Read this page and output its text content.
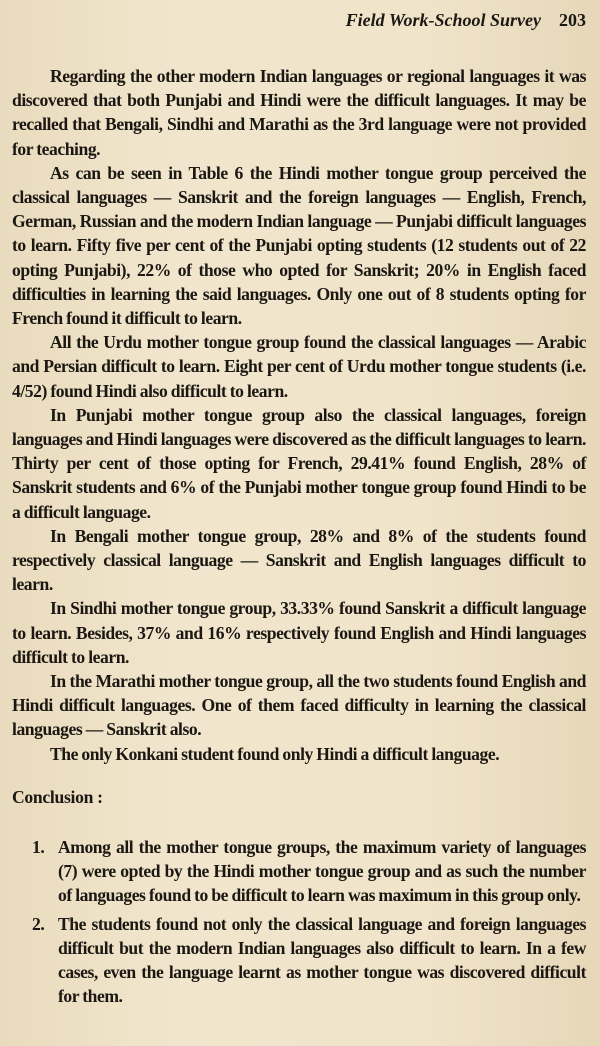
Field Work-School Survey 203

Regarding the other modern Indian languages or regional languages it was discovered that both Punjabi and Hindi were the difficult languages. It may be recalled that Bengali, Sindhi and Marathi as the 3rd language were not provided for teaching.

As can be seen in Table 6 the Hindi mother tongue group perceived the classical languages — Sanskrit and the foreign languages — English, French, German, Russian and the modern Indian language — Punjabi difficult languages to learn. Fifty five per cent of the Punjabi opting students (12 students out of 22 opting Punjabi), 22% of those who opted for Sanskrit; 20% in English faced difficulties in learning the said languages. Only one out of 8 students opting for French found it difficult to learn.

All the Urdu mother tongue group found the classical languages — Arabic and Persian difficult to learn. Eight per cent of Urdu mother tongue students (i.e. 4/52) found Hindi also difficult to learn.

In Punjabi mother tongue group also the classical languages, foreign languages and Hindi languages were discovered as the difficult languages to learn. Thirty per cent of those opting for French, 29.41% found English, 28% of Sanskrit students and 6% of the Punjabi mother tongue group found Hindi to be a difficult language.

In Bengali mother tongue group, 28% and 8% of the students found respectively classical language — Sanskrit and English languages difficult to learn.

In Sindhi mother tongue group, 33.33% found Sanskrit a difficult language to learn. Besides, 37% and 16% respectively found English and Hindi languages difficult to learn.

In the Marathi mother tongue group, all the two students found English and Hindi difficult languages. One of them faced difficulty in learning the classical languages — Sanskrit also.

The only Konkani student found only Hindi a difficult language.

Conclusion :
1. Among all the mother tongue groups, the maximum variety of languages (7) were opted by the Hindi mother tongue group and as such the number of languages found to be difficult to learn was maximum in this group only.
2. The students found not only the classical language and foreign languages difficult but the modern Indian languages also difficult to learn. In a few cases, even the language learnt as mother tongue was discovered difficult for them.
